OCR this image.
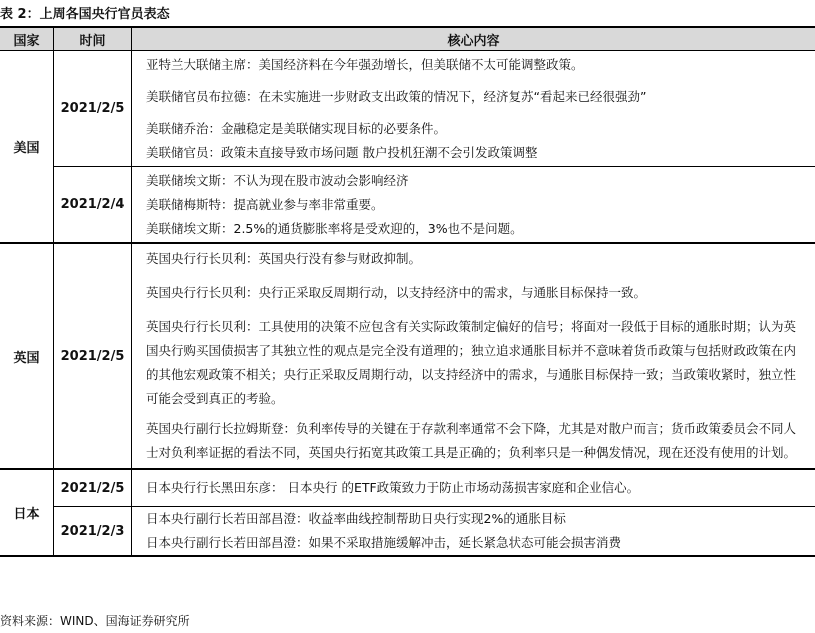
表 2：上周各国央行官员表态
国家	时间	核心内容
美国	2021/2/5	亚特兰大联储主席：美国经济料在今年强劲增长，但美联储不太可能调整政策。
美联储官员布拉德：在未实施进一步财政支出政策的情况下，经济复苏“看起来已经很强劲”
美联储乔治：金融稳定是美联储实现目标的必要条件。
美联储官员：政策未直接导致市场问题 散户投机狂潮不会引发政策调整

	2021/2/4	美联储埃文斯：不认为现在股市波动会影响经济
美联储梅斯特：提高就业参与率非常重要。
美联储埃文斯：2.5%的通货膨胀率将是受欢迎的，3%也不是问题。

英国	2021/2/5	英国央行行长贝利：英国央行没有参与财政抑制。
英国央行行长贝利：央行正采取反周期行动，以支持经济中的需求，与通胀目标保持一致。
英国央行行长贝利：工具使用的决策不应包含有关实际政策制定偏好的信号；将面对一段低于目标的通胀时期；认为英国央行购买国债损害了其独立性的观点是完全没有道理的；独立追求通胀目标并不意味着货币政策与包括财政政策在内的其他宏观政策不相关；央行正采取反周期行动，以支持经济中的需求，与通胀目标保持一致；当政策收紧时，独立性可能会受到真正的考验。
英国央行副行长拉姆斯登：负利率传导的关键在于存款利率通常不会下降，尤其是对散户而言；货币政策委员会不同人士对负利率证据的看法不同，英国央行拓宽其政策工具是正确的；负利率只是一种偶发情况，现在还没有使用的计划。

日本	2021/2/5	日本央行行长黑田东彦： 日本央行 的ETF政策致力于防止市场动荡损害家庭和企业信心。

	2021/2/3	日本央行副行长若田部昌澄：收益率曲线控制帮助日央行实现2%的通胀目标
日本央行副行长若田部昌澄：如果不采取措施缓解冲击，延长紧急状态可能会损害消费
资料来源：WIND、国海证券研究所
